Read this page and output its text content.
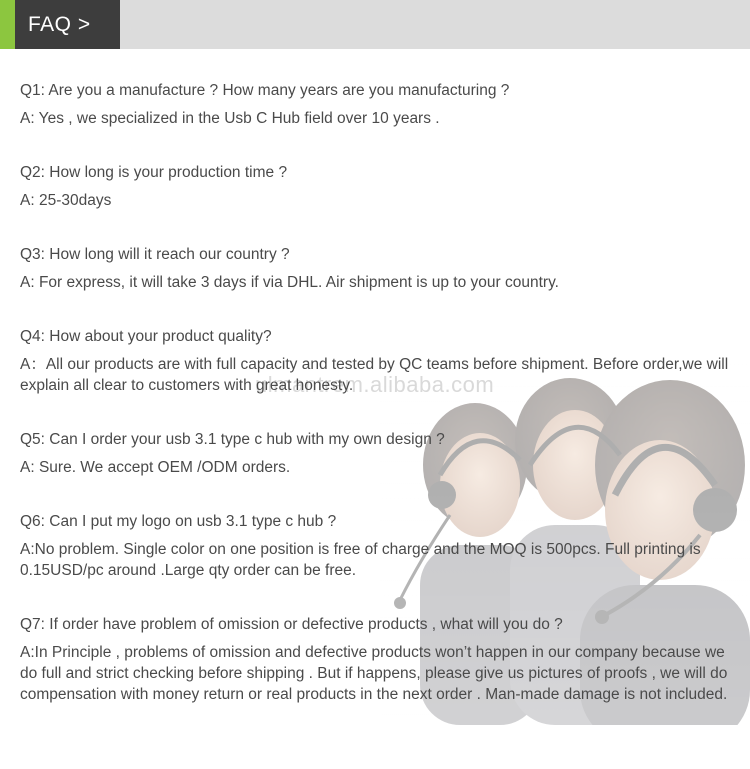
FAQ >
ulmantrem.alibaba.com

Q1: Are you a manufacture ? How many years are you manufacturing ?

A: Yes , we specialized in the Usb C Hub field over 10 years .

Q2: How long is your production time ?

A: 25-30days

Q3: How long will it reach our country ?

A: For express, it will take 3 days if via DHL. Air shipment is up to your country.

Q4: How about your product quality?

A：All our products are with full capacity and tested by QC teams before shipment. Before order,we will explain all clear to customers with great honesty.

Q5: Can I order your usb 3.1 type c hub with my own design ?

A: Sure. We accept OEM /ODM orders.

Q6: Can I put my logo on usb 3.1 type c hub ?

A:No problem. Single color on one position is free of charge and the MOQ is 500pcs. Full printing is 0.15USD/pc around .Large qty order can be free.

Q7: If order have problem of omission or defective products , what will you do ?

A:In Principle , problems of omission and defective products won’t happen in our company because we do full and strict checking before shipping . But if happens, please give us pictures of proofs , we will do compensation with money return or real products in the next order . Man-made damage is not included.
